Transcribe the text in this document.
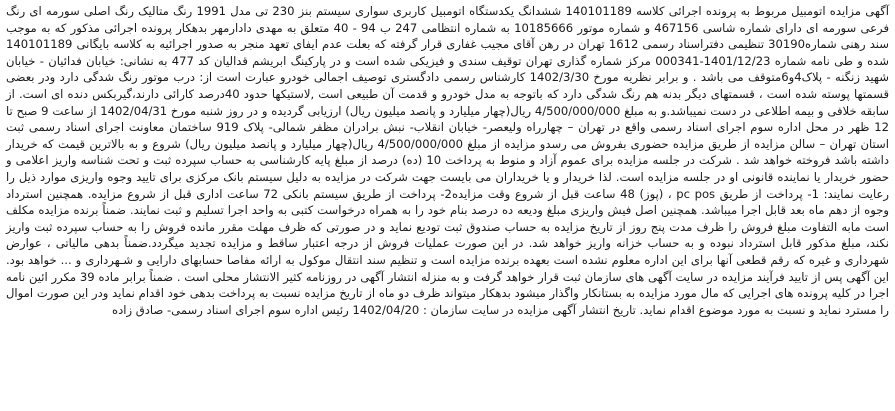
آگهی مزایده اتومبیل مربوط به پرونده اجرائی کلاسه 140101189 ششدانگ یکدستگاه اتومبیل کاربری سواری سیستم بنز 230 تی مدل 1991 رنگ متالیک رنگ اصلی سورمه ای رنگ فرعی سورمه ای دارای شماره شاسی 467156 و شماره موتور 10185666 به شماره انتظامی 247 ب 94 - 40 متعلق به مهدی دادارمهر بدهکار پرونده اجرائی مذکور که به موجب سند رهنی شماره30190 تنظیمی دفتراسناد رسمی 1612 تهران در رهن آقای مجیب غفاری قرار گرفته که بعلت عدم ایفای تعهد منجر به صدور اجرائیه به کلاسه بایگانی 140101189 شده و طی نامه شماره 1401/12/23-000341 مرکز شماره گذاری تهران توقیف سندی و فیزیکی شده است و در پارکینگ ابریشم قدالیان کد 477 به نشانی: خیابان فدائیان - خیابان شهید زنگنه - پلاک4و6متوقف می باشد . و برابر نظریه مورخ 1402/3/30 کارشناس رسمی دادگستری توصیف اجمالی خودرو عبارت است از: درب موتور رنگ شدگی دارد ودر بعضی قسمتها پوسته شده است ، قسمتهای دیگر بدنه هم رنگ شدگی دارد که باتوجه به مدل خودرو و قدمت آن طبیعی است ,لاستیکها حدود 40درصد کارائی دارند،گیربکس دنده ای است. از سابقه خلافی و بیمه اطلاعی در دست نمیباشد.و به مبلغ 4/500/000/000 ریال(چهار میلیارد و پانصد میلیون ریال) ارزیابی گردیده و در روز شنبه مورخ 1402/04/31 از ساعت 9 صبح تا 12 ظهر در محل اداره سوم اجرای اسناد رسمی واقع در تهران – چهارراه ولیعصر- خیابان انقلاب- نبش برادران مظفر شمالی- پلاک 919 ساختمان معاونت اجرای اسناد رسمی ثبت استان تهران – سالن مزایده از طریق مزایده حضوری بفروش می رسدو مزایده از مبلغ 4/500/000/000 ریال(چهار میلیارد و پانصد میلیون ریال) شروع و به بالاترین قیمت که خریدار داشته باشد فروخته خواهد شد . شرکت در جلسه مزایده برای عموم آزاد و منوط به پرداخت 10 (ده) درصد از مبلغ پایه کارشناسی به حساب سپرده ثبت و تحت شناسه واریز اعلامی و حضور خریدار یا نماینده قانونی او در جلسه مزایده است. لذا خریدار و یا خریداران می بایست جهت شرکت در مزایده به دلیل سیستم بانک مرکزی برای تایید وجوه واریزی موارد ذیل را رعایت نمایند: 1- پرداخت از طریق pc pos ، (پوز) 48 ساعت قبل از شروع وقت مزایده2- پرداخت از طریق سیستم بانکی 72 ساعت اداری قبل از شروع مزایده. همچنین استرداد وجوه از دهم ماه بعد قابل اجرا میباشد. همچنین اصل فیش واریزی مبلغ ودیعه ده درصد بنام خود را به همراه درخواست کتبی به واحد اجرا تسلیم و ثبت نمایند. ضمناً برنده مزایده مکلف است مابه التفاوت مبلغ فروش را ظرف مدت پنج روز از تاریخ مزایده به حساب صندوق ثبت تودیع نماید و در صورتی که ظرف مهلت مقرر مانده فروش را به حساب سپرده ثبت واریز نکند، مبلغ مذکور قابل استرداد نبوده و به حساب خزانه واریز خواهد شد. در این صورت عملیات فروش از درجه اعتبار ساقط و مزایده تجدید میگردد.ضمناً بدهی مالیاتی ، عوارض شهرداری و غیره که رقم قطعی آنها برای این اداره معلوم نشده است بعهده برنده مزایده است و تنظیم سند انتقال موکول به ارائه مفاصا حسابهای دارایی و شـهرداری و ... خواهد بود. این آگهی پس از تایید فرآیند مزایده در سایت آگهی های سازمان ثبت قرار خواهد گرفت و به منزله انتشار آگهی در روزنامه کثیر الانتشار محلی است . ضمناً برابر ماده 39 مکرر ائین نامه اجرا در کلیه پرونده های اجرایی که مال مورد مزایده به بستانکار واگذار میشود بدهکار میتواند ظرف دو ماه از تاریخ مزایده نسبت به پرداخت بدهی خود اقدام نماید ودر این صورت اموال را مسترد نماید و نسبت به مورد موضوع اقدام نماید. تاریخ انتشار آگهی مزایده در سایت سازمان : 1402/04/20 رئیس اداره سوم اجرای اسناد رسمی- صادق زاده
